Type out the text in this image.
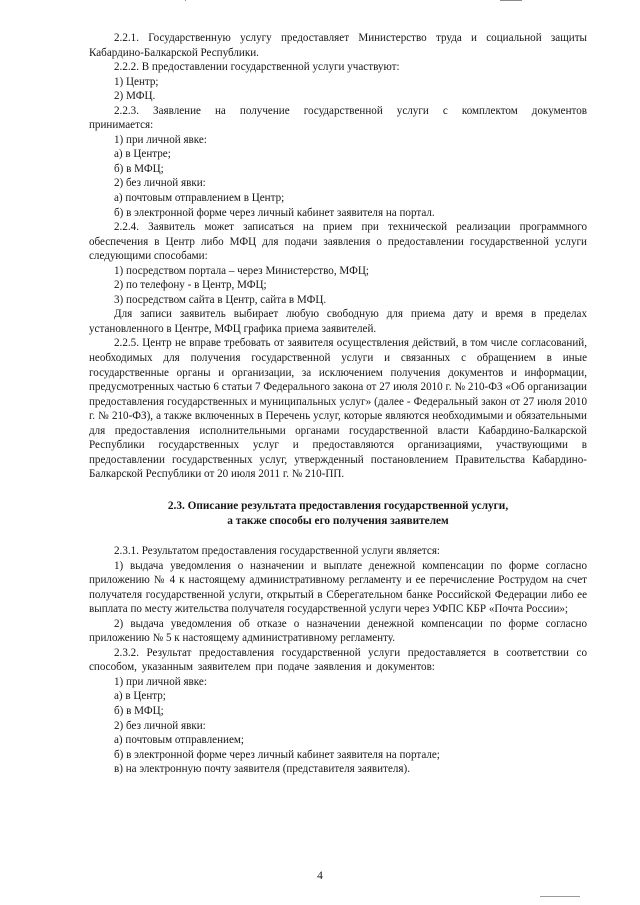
2.2.1. Государственную услугу предоставляет Министерство труда и социальной защиты Кабардино-Балкарской Республики.

2.2.2. В предоставлении государственной услуги участвуют:

1) Центр;

2) МФЦ.

2.2.3. Заявление на получение государственной услуги с комплектом документов принимается:

1) при личной явке:

а) в Центре;

б) в МФЦ;

2) без личной явки:

а) почтовым отправлением в Центр;

б) в электронной форме через личный кабинет заявителя на портал.

2.2.4. Заявитель может записаться на прием при технической реализации программного обеспечения в Центр либо МФЦ для подачи заявления о предоставлении государственной услуги следующими способами:

1) посредством портала – через Министерство, МФЦ;

2) по телефону - в Центр, МФЦ;

3) посредством сайта в Центр, сайта в МФЦ.

Для записи заявитель выбирает любую свободную для приема дату и время в пределах установленного в Центре, МФЦ графика приема заявителей.

2.2.5. Центр не вправе требовать от заявителя осуществления действий, в том числе согласований, необходимых для получения государственной услуги и связанных с обращением в иные государственные органы и организации, за исключением получения документов и информации, предусмотренных частью 6 статьи 7 Федерального закона от 27 июля 2010 г. № 210-ФЗ «Об организации предоставления государственных и муниципальных услуг» (далее - Федеральный закон от 27 июля 2010 г. № 210-ФЗ), а также включенных в Перечень услуг, которые являются необходимыми и обязательными для предоставления исполнительными органами государственной власти Кабардино-Балкарской Республики государственных услуг и предоставляются организациями, участвующими в предоставлении государственных услуг, утвержденный постановлением Правительства Кабардино-Балкарской Республики от 20 июля 2011 г. № 210-ПП.

2.3. Описание результата предоставления государственной услуги,

а также способы его получения заявителем

2.3.1. Результатом предоставления государственной услуги является:

1) выдача уведомления о назначении и выплате денежной компенсации по форме согласно приложению № 4 к настоящему административному регламенту и ее перечисление Рострудом на счет получателя государственной услуги, открытый в Сберегательном банке Российской Федерации либо ее выплата по месту жительства получателя государственной услуги через УФПС КБР «Почта России»;

2) выдача уведомления об отказе о назначении денежной компенсации по форме согласно приложению № 5 к настоящему административному регламенту.

2.3.2. Результат предоставления государственной услуги предоставляется в соответствии со способом, указанным заявителем при подаче заявления и документов:

1) при личной явке:

а) в Центр;

б) в МФЦ;

2) без личной явки:

а) почтовым отправлением;

б) в электронной форме через личный кабинет заявителя на портале;

в) на электронную почту заявителя (представителя заявителя).

4
